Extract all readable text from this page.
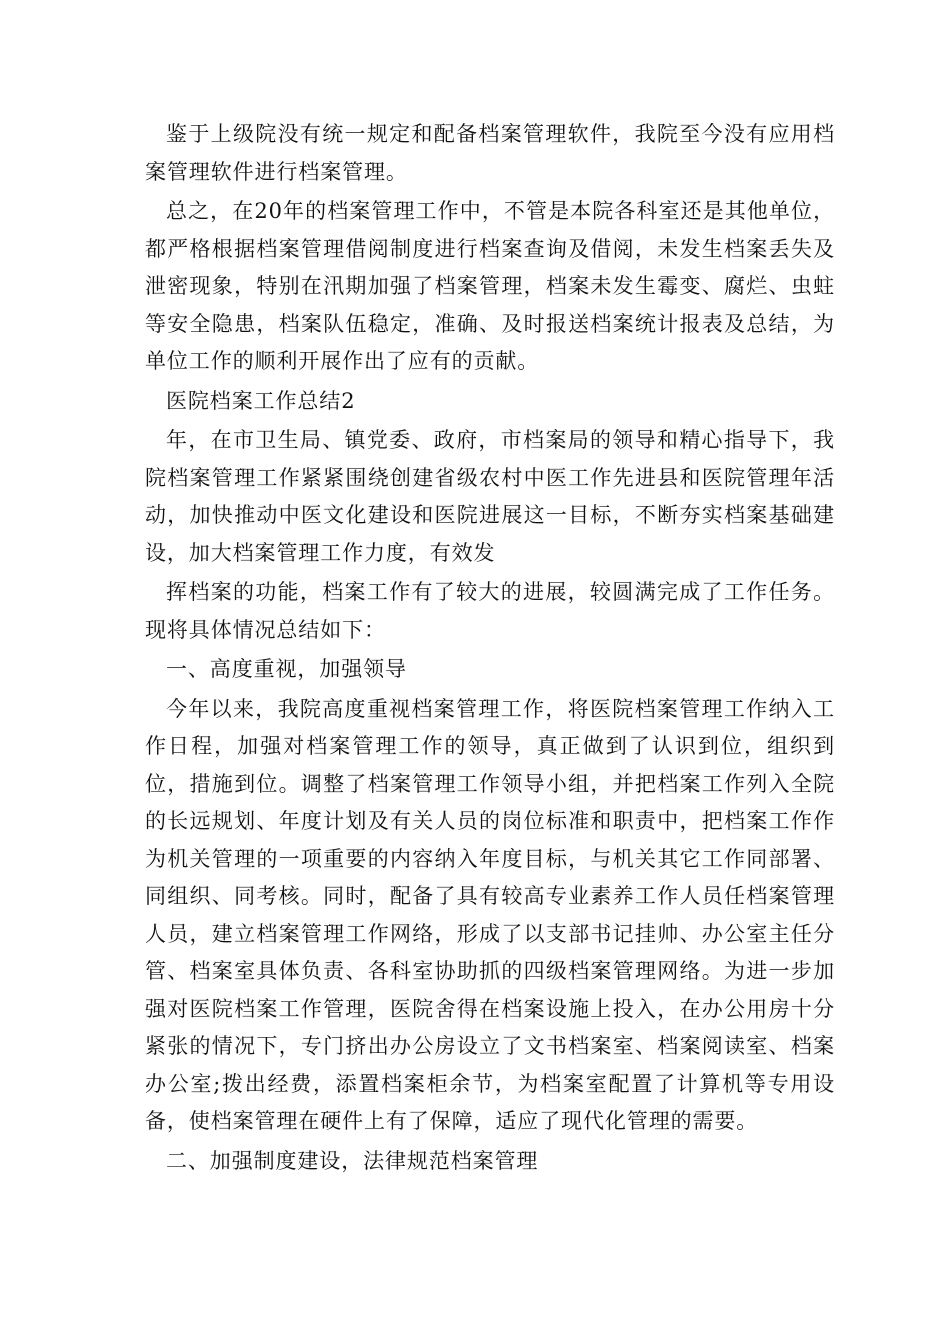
鉴于上级院没有统一规定和配备档案管理软件，我院至今没有应用档案管理软件进行档案管理。

总之，在20年的档案管理工作中，不管是本院各科室还是其他单位，都严格根据档案管理借阅制度进行档案查询及借阅，未发生档案丢失及泄密现象，特别在汛期加强了档案管理，档案未发生霉变、腐烂、虫蛀等安全隐患，档案队伍稳定，准确、及时报送档案统计报表及总结，为单位工作的顺利开展作出了应有的贡献。

医院档案工作总结2

年，在市卫生局、镇党委、政府，市档案局的领导和精心指导下，我院档案管理工作紧紧围绕创建省级农村中医工作先进县和医院管理年活动，加快推动中医文化建设和医院进展这一目标，不断夯实档案基础建设，加大档案管理工作力度，有效发

挥档案的功能，档案工作有了较大的进展，较圆满完成了工作任务。现将具体情况总结如下：

一、高度重视，加强领导

今年以来，我院高度重视档案管理工作，将医院档案管理工作纳入工作日程，加强对档案管理工作的领导，真正做到了认识到位，组织到位，措施到位。调整了档案管理工作领导小组，并把档案工作列入全院的长远规划、年度计划及有关人员的岗位标准和职责中，把档案工作作为机关管理的一项重要的内容纳入年度目标，与机关其它工作同部署、同组织、同考核。同时，配备了具有较高专业素养工作人员任档案管理人员，建立档案管理工作网络，形成了以支部书记挂帅、办公室主任分管、档案室具体负责、各科室协助抓的四级档案管理网络。为进一步加强对医院档案工作管理，医院舍得在档案设施上投入，在办公用房十分紧张的情况下，专门挤出办公房设立了文书档案室、档案阅读室、档案办公室;拨出经费，添置档案柜余节，为档案室配置了计算机等专用设备，使档案管理在硬件上有了保障，适应了现代化管理的需要。

二、加强制度建设，法律规范档案管理
